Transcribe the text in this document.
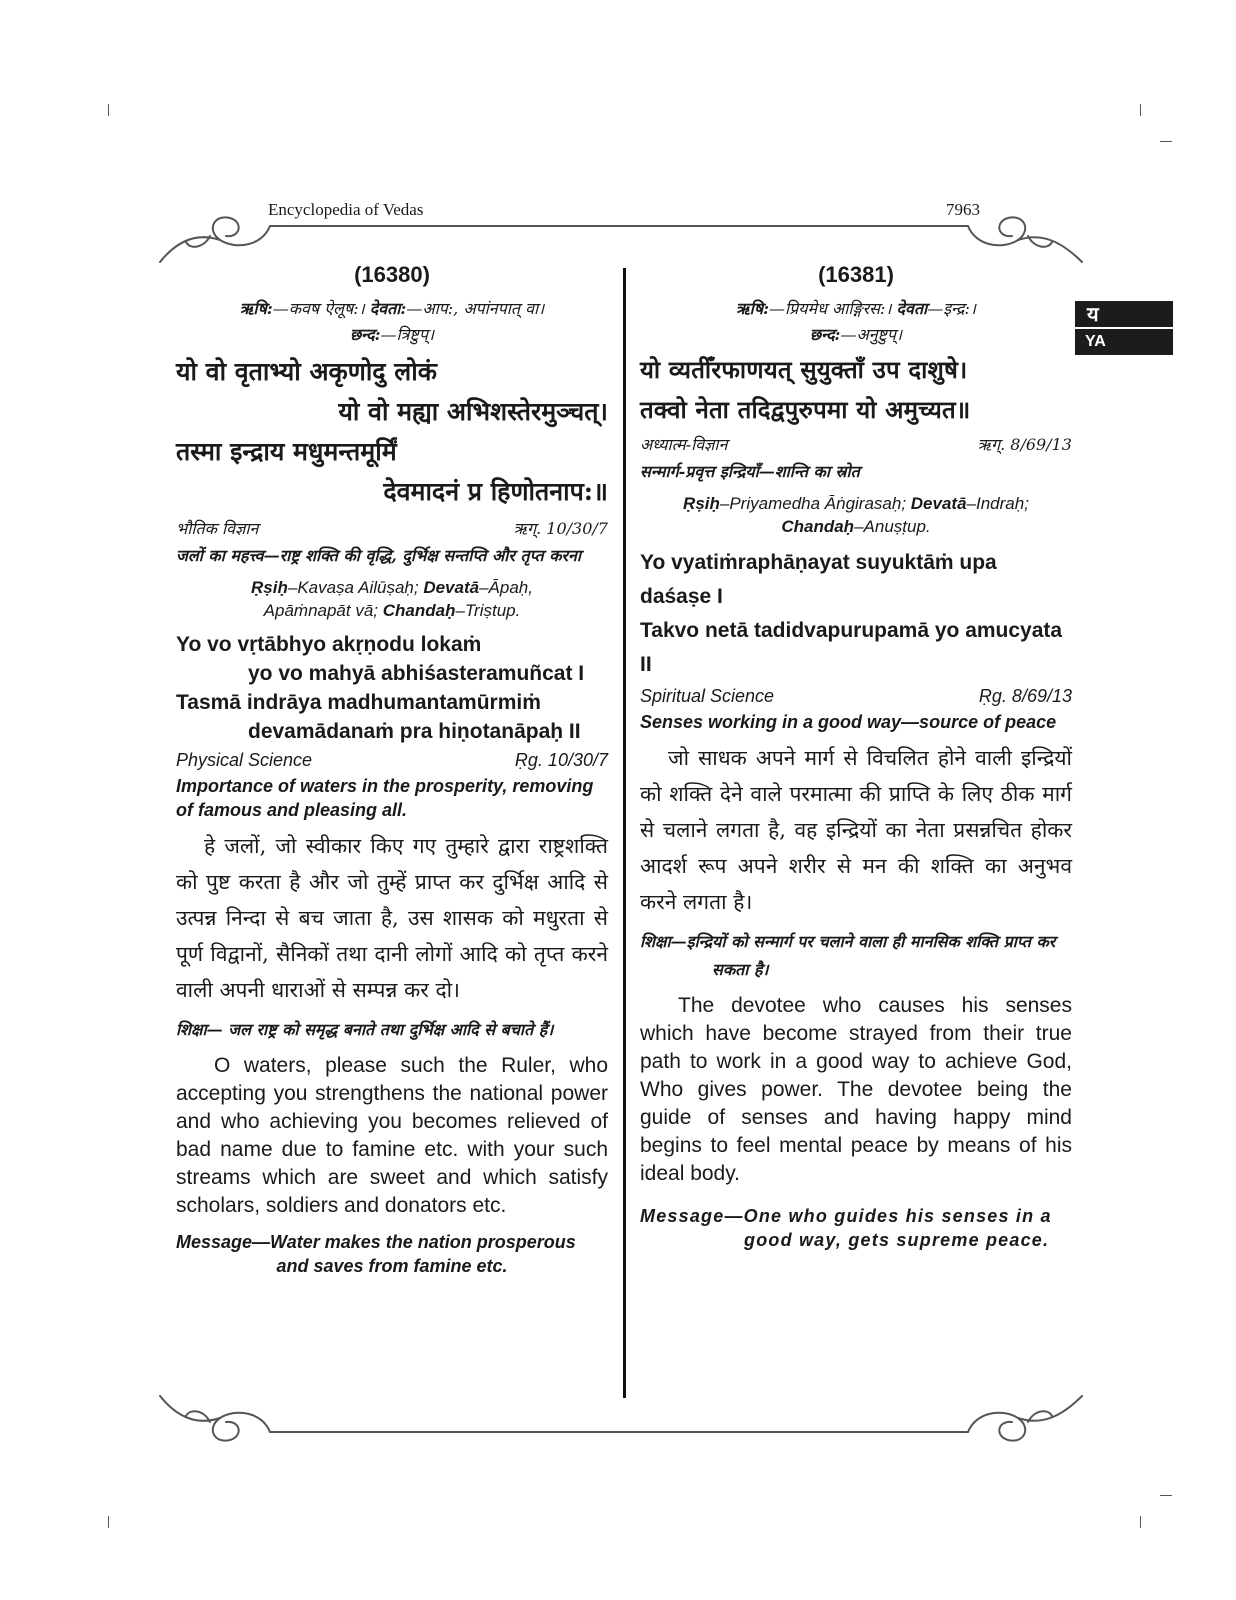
Encyclopedia of Vedas	7963
य
YA
(16380)

ऋषि:—कवष ऐलूष:। देवता:—आप:, अपांनपात् वा।

छन्द:—त्रिष्टुप्।

यो वो वृताभ्यो अकृणोदु लोकं
यो वो मह्या अभिशस्तेरमुञ्चत्।
तस्मा इन्द्राय मधुमन्तमूर्मिं
देवमादनं प्र हिणोतनाप:॥
भौतिक विज्ञान	ऋग्. 10/30/7

जलों का महत्त्व—राष्ट्र शक्ति की वृद्धि, दुर्भिक्ष सन्तप्ति और तृप्त करना

Ṛṣiḥ–Kavaṣa Ailūṣaḥ; Devatā–Āpaḥ,
Apāṁnapāt vā; Chandaḥ–Triṣtup.
Yo vo vṛtābhyo akṛṇodu lokaṁ
yo vo mahyā abhiśasteramuñcat I
Tasmā indrāya madhumantamūrmiṁ
devamādanaṁ pra hiṇotanāpaḥ II
Physical Science	Ṛg. 10/30/7

Importance of waters in the prosperity, removing of famous and pleasing all.

हे जलों, जो स्वीकार किए गए तुम्हारे द्वारा राष्ट्रशक्ति को पुष्ट करता है और जो तुम्हें प्राप्त कर दुर्भिक्ष आदि से उत्पन्न निन्दा से बच जाता है, उस शासक को मधुरता से पूर्ण विद्वानों, सैनिकों तथा दानी लोगों आदि को तृप्त करने वाली अपनी धाराओं से सम्पन्न कर दो।

शिक्षा— जल राष्ट्र को समृद्ध बनाते तथा दुर्भिक्ष आदि से बचाते हैं।

O waters, please such the Ruler, who accepting you strengthens the national power and who achieving you becomes relieved of bad name due to famine etc. with your such streams which are sweet and which satisfy scholars, soldiers and donators etc.

Message—Water makes the nation prosperous
and saves from famine etc.
(16381)

ऋषि:—प्रियमेध आङ्गिरस:। देवता—इन्द्र:।

छन्द:—अनुष्टुप्।

यो व्यतीँरफाणयत् सुयुक्ताँ उप दाशुषे।
तक्वो नेता तदिद्वपुरुपमा यो अमुच्यत॥
अध्यात्म-विज्ञान	ऋग्. 8/69/13

सन्मार्ग-प्रवृत्त इन्द्रियाँ—शान्ति का स्रोत

Ṛṣiḥ–Priyamedha Āṅgirasaḥ; Devatā–Indraḥ;
Chandaḥ–Anuṣṭup.
Yo vyatiṁraphāṇayat suyuktāṁ upa daśaṣe I
Takvo netā tadidvapurupamā yo amucyata II
Spiritual Science	Ṛg. 8/69/13

Senses working in a good way—source of peace

जो साधक अपने मार्ग से विचलित होने वाली इन्द्रियों को शक्ति देने वाले परमात्मा की प्राप्ति के लिए ठीक मार्ग से चलाने लगता है, वह इन्द्रियों का नेता प्रसन्नचित होकर आदर्श रूप अपने शरीर से मन की शक्ति का अनुभव करने लगता है।

शिक्षा—इन्द्रियों को सन्मार्ग पर चलाने वाला ही मानसिक शक्ति प्राप्त कर सकता है।

The devotee who causes his senses which have become strayed from their true path to work in a good way to achieve God, Who gives power. The devotee being the guide of senses and having happy mind begins to feel mental peace by means of his ideal body.

Message—One who guides his senses in a good way, gets supreme peace.
